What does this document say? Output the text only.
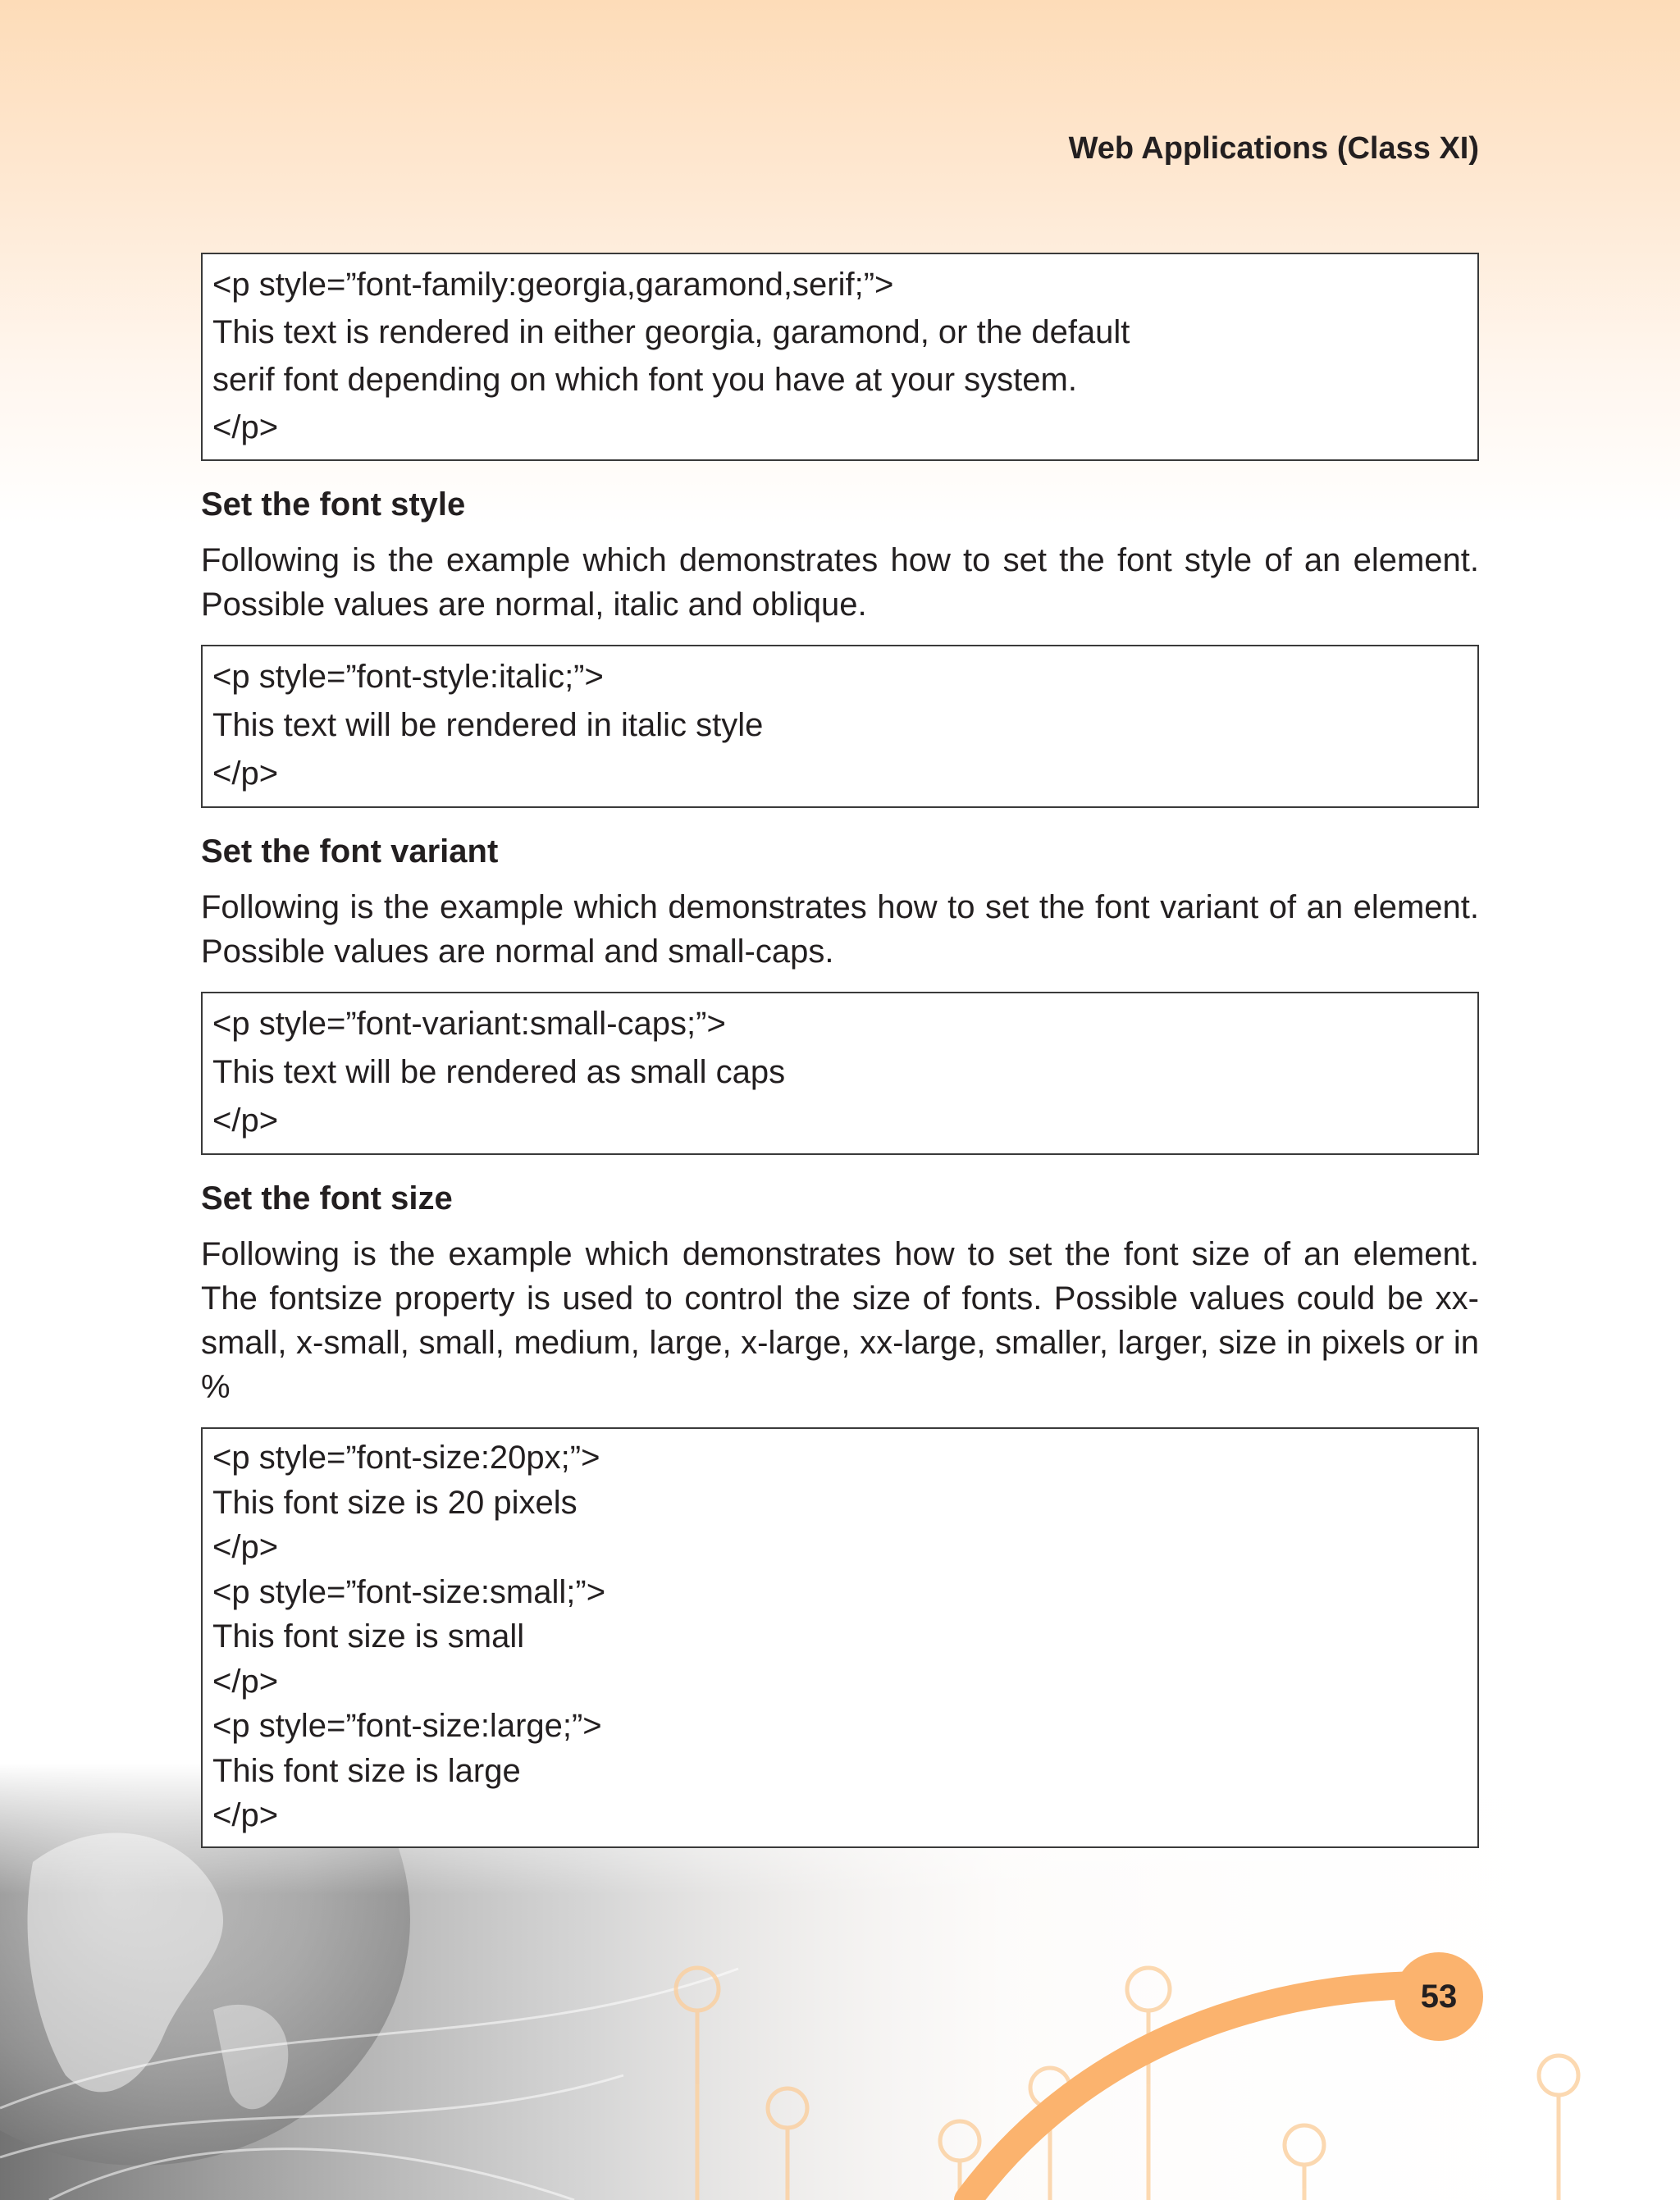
Web Applications (Class XI)
<p style=”font-family:georgia,garamond,serif;”>
This text is rendered in either georgia, garamond, or the default
serif font depending on which font you have at your system.
</p>
Set the font style
Following is the example which demonstrates how to set the font style of an element. Possible values are normal, italic and oblique.
<p style=”font-style:italic;”>
This text will be rendered in italic style
</p>
Set the font variant
Following is the example which demonstrates how to set the font variant of an element. Possible values are normal and small-caps.
<p style=”font-variant:small-caps;”>
This text will be rendered as small caps
</p>
Set the font size
Following is the example which demonstrates how to set the font size of an element. The fontsize property is used to control the size of fonts. Possible values could be xx-small, x-small, small, medium, large, x-large, xx-large, smaller, larger, size in pixels or in %
<p style=”font-size:20px;”>
This font size is 20 pixels
</p>
<p style=”font-size:small;”>
This font size is small
</p>
<p style=”font-size:large;”>
This font size is large
</p>
53
